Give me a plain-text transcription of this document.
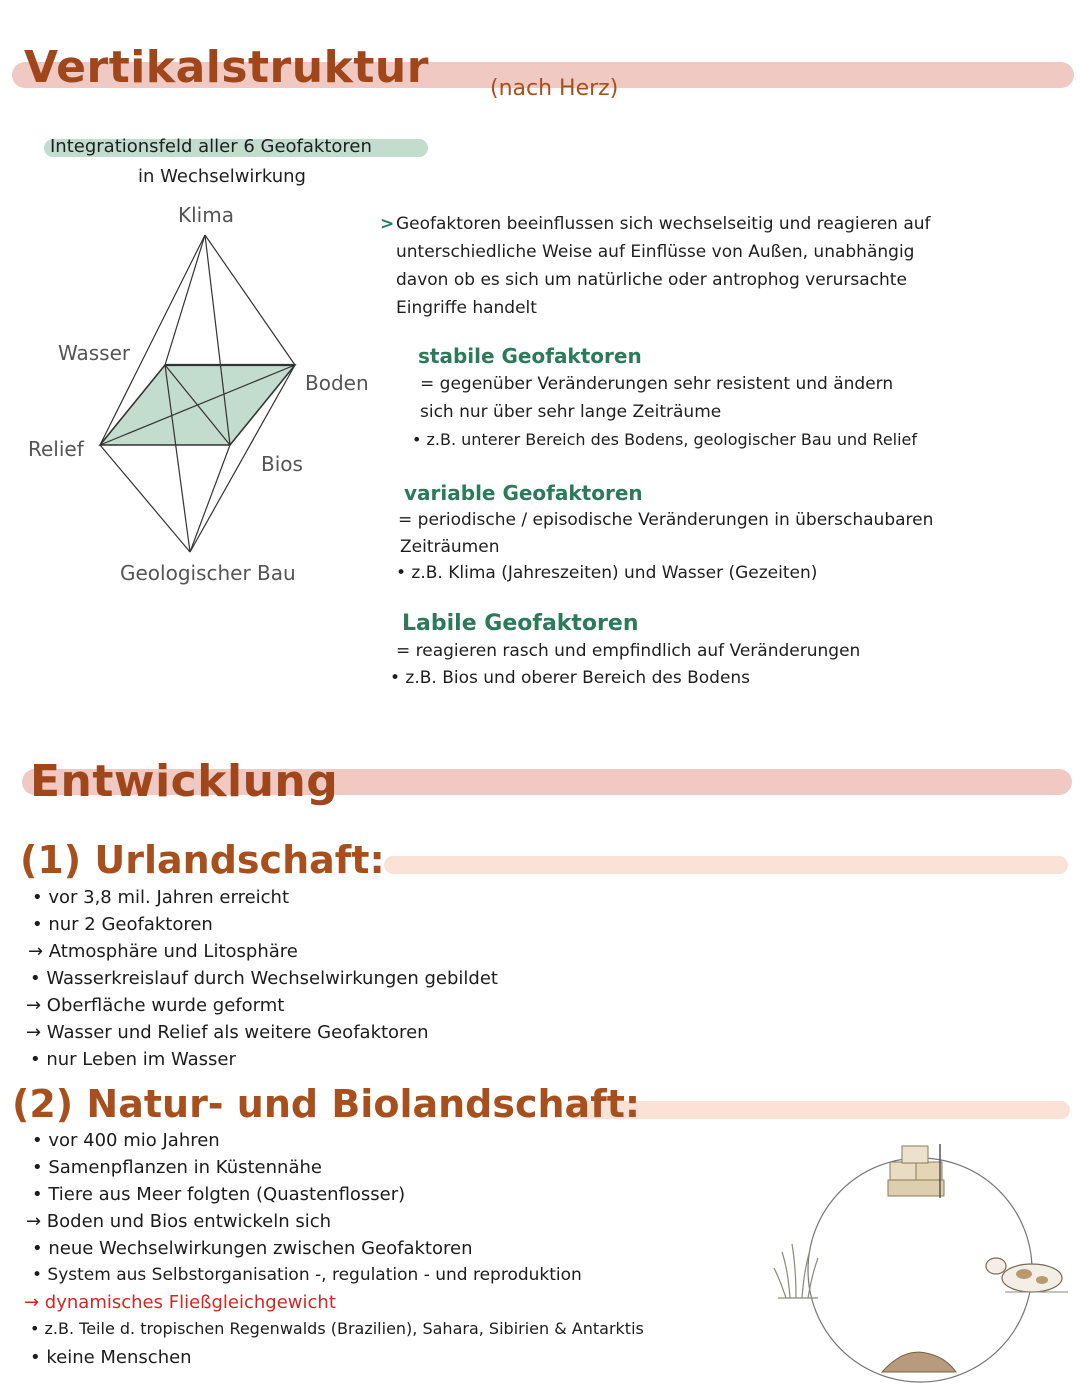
Vertikalstruktur	(nach Herz)
Integrationsfeld aller 6 Geofaktoren
in Wechselwirkung
Klima
Wasser
Boden
Relief
Bios
Geologischer Bau
> Geofaktoren beeinflussen sich wechselseitig und reagieren auf
unterschiedliche Weise auf Einflüsse von Außen, unabhängig
davon ob es sich um natürliche oder antrophog verursachte
Eingriffe handelt
stabile Geofaktoren
= gegenüber Veränderungen sehr resistent und ändern
sich nur über sehr lange Zeiträume
• z.B. unterer Bereich des Bodens, geologischer Bau und Relief
variable Geofaktoren
= periodische / episodische Veränderungen in überschaubaren
Zeiträumen
• z.B. Klima (Jahreszeiten) und Wasser (Gezeiten)
Labile Geofaktoren
= reagieren rasch und empfindlich auf Veränderungen
• z.B. Bios und oberer Bereich des Bodens
Entwicklung
(1) Urlandschaft:
• vor 3,8 mil. Jahren erreicht
• nur 2 Geofaktoren
→ Atmosphäre und Litosphäre
• Wasserkreislauf durch Wechselwirkungen gebildet
→ Oberfläche wurde geformt
→ Wasser und Relief als weitere Geofaktoren
• nur Leben im Wasser
(2) Natur- und Biolandschaft:
• vor 400 mio Jahren
• Samenpflanzen in Küstennähe
• Tiere aus Meer folgten (Quastenflosser)
→ Boden und Bios entwickeln sich
• neue Wechselwirkungen zwischen Geofaktoren
• System aus Selbstorganisation -, regulation - und reproduktion
→ dynamisches Fließgleichgewicht
• z.B. Teile d. tropischen Regenwalds (Brazilien), Sahara, Sibirien & Antarktis
• keine Menschen
